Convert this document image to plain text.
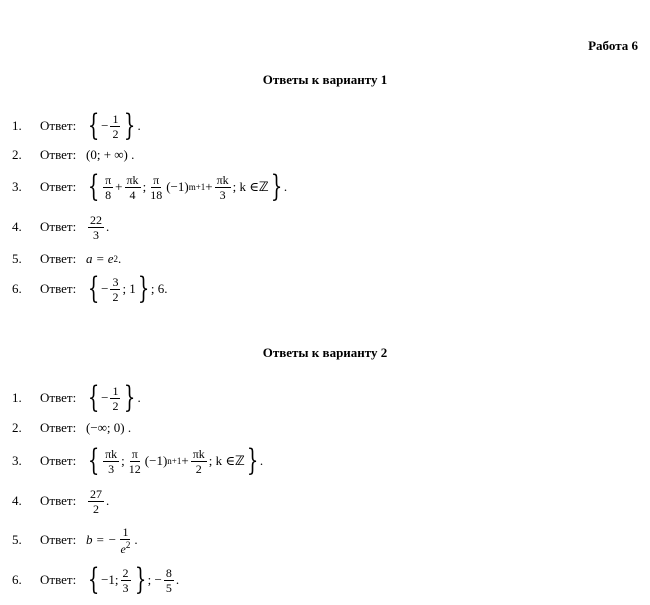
Работа 6
Ответы к варианту 1
1. Ответ: { − $\frac{1}{2}$ } .
2. Ответ: (0; + ∞) .
3. Ответ: { $\frac{\pi}{8} + \frac{\pi k}{4}$ ; $\frac{\pi}{18} (-1) m+1 + \frac{\pi k}{3}$ ; k ∈ ℤ } .
4. Ответ: $\frac{22}{3}$ .
5. Ответ: a = e 2 .
6. Ответ: { − $\frac{3}{2}$ ; 1 } ; 6.
Ответы к варианту 2
1. Ответ: { − $\frac{1}{2}$ } .
2. Ответ: (−∞; 0) .
3. Ответ: { $\frac{\pi k}{3}$ ; $\frac{\pi}{12} (-1) n+1 + \frac{\pi k}{2}$ ; k ∈ ℤ } .
4. Ответ: $\frac{27}{2}$ .
5. Ответ: b = − $\frac{1}{e^2}$ .
6. Ответ: { −1; $\frac{2}{3}$ } ; − $\frac{8}{5}$ .
